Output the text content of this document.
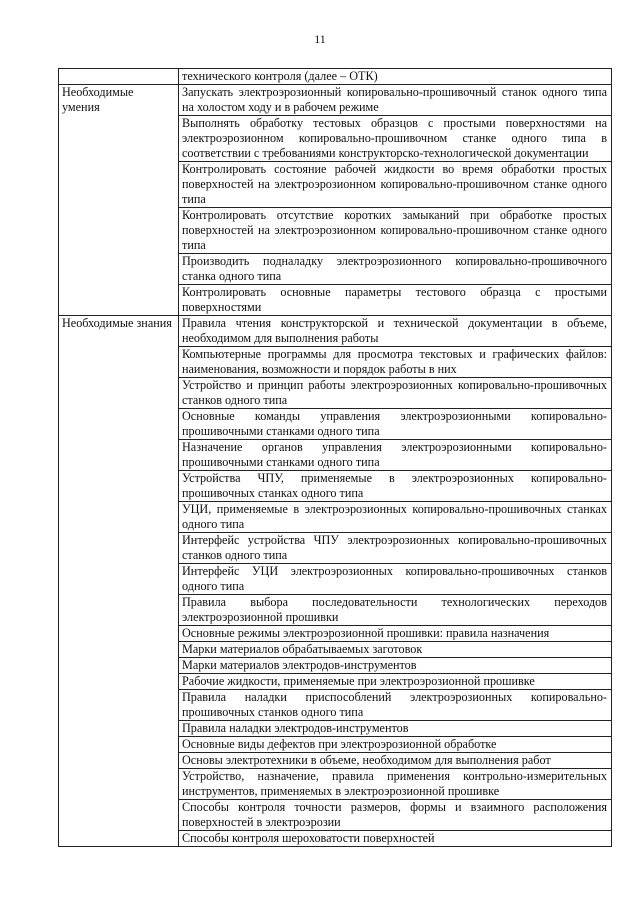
11
	технического контроля (далее – ОТК)
Необходимые умения	Запускать электроэрозионный копировально-прошивочный станок одного типа на холостом ходу и в рабочем режиме
	Выполнять обработку тестовых образцов с простыми поверхностями на электроэрозионном копировально-прошивочном станке одного типа в соответствии с требованиями конструкторско-технологической документации
	Контролировать состояние рабочей жидкости во время обработки простых поверхностей на электроэрозионном копировально-прошивочном станке одного типа
	Контролировать отсутствие коротких замыканий при обработке простых поверхностей на электроэрозионном копировально-прошивочном станке одного типа
	Производить подналадку электроэрозионного копировально-прошивочного станка одного типа
	Контролировать основные параметры тестового образца с простыми поверхностями
Необходимые знания	Правила чтения конструкторской и технической документации в объеме, необходимом для выполнения работы
	Компьютерные программы для просмотра текстовых и графических файлов: наименования, возможности и порядок работы в них
	Устройство и принцип работы электроэрозионных копировально-прошивочных станков одного типа
	Основные команды управления электроэрозионными копировально-прошивочными станками одного типа
	Назначение органов управления электроэрозионными копировально-прошивочными станками одного типа
	Устройства ЧПУ, применяемые в электроэрозионных копировально-прошивочных станках одного типа
	УЦИ, применяемые в электроэрозионных копировально-прошивочных станках одного типа
	Интерфейс устройства ЧПУ электроэрозионных копировально-прошивочных станков одного типа
	Интерфейс УЦИ электроэрозионных копировально-прошивочных станков одного типа
	Правила выбора последовательности технологических переходов электроэрозионной прошивки
	Основные режимы электроэрозионной прошивки: правила назначения
	Марки материалов обрабатываемых заготовок
	Марки материалов электродов-инструментов
	Рабочие жидкости, применяемые при электроэрозионной прошивке
	Правила наладки приспособлений электроэрозионных копировально-прошивочных станков одного типа
	Правила наладки электродов-инструментов
	Основные виды дефектов при электроэрозионной обработке
	Основы электротехники в объеме, необходимом для выполнения работ
	Устройство, назначение, правила применения контрольно-измерительных инструментов, применяемых в электроэрозионной прошивке
	Способы контроля точности размеров, формы и взаимного расположения поверхностей в электроэрозии
	Способы контроля шероховатости поверхностей
